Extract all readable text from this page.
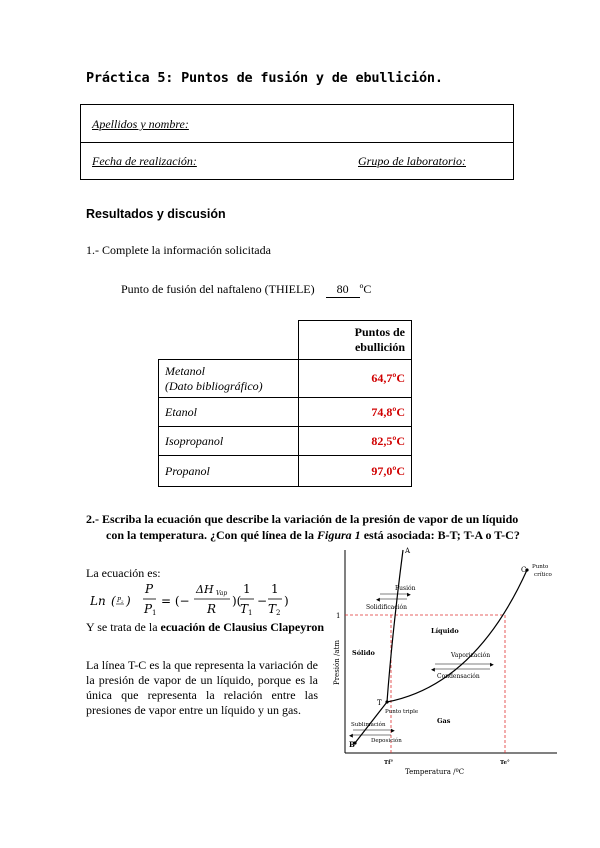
Práctica 5: Puntos de fusión y de ebullición.
Apellidos y nombre:
Fecha de realización:	Grupo de laboratorio:
Resultados y discusión
1.- Complete la información solicitada
Punto de fusión del naftaleno (THIELE) 80 ºC
	Puntos de ebullición
Metanol
(Dato bibliográfico)	64,7ºC
Etanol	74,8ºC
Isopropanol	82,5ºC
Propanol	97,0ºC
2.- Escriba la ecuación que describe la variación de la presión de vapor de un líquido
con la temperatura. ¿Con qué línea de la Figura 1 está asociada: B-T; T-A o T-C?
La ecuación es:
Ln ( P 2 )
P
P 1
= (−
ΔH Vap
R
)(
1
T 1
−
1
T 2
)
Y se trata de la ecuación de Clausius Clapeyron
La línea T-C es la que representa la variación de la presión de vapor de un líquido, porque es la única que representa la relación entre las presiones de vapor entre un líquido y un gas.
A
C Punto
crítico
Fusión
▶
◀
Solidificación
1
Líquido
Sólido	Vaporización
▶
◀
Condensación
T
Punto triple
Gas
Sublimación
▶
◀
Deposición
B
Tf°	Te°
Temperatura /ºC
Presión /atm
